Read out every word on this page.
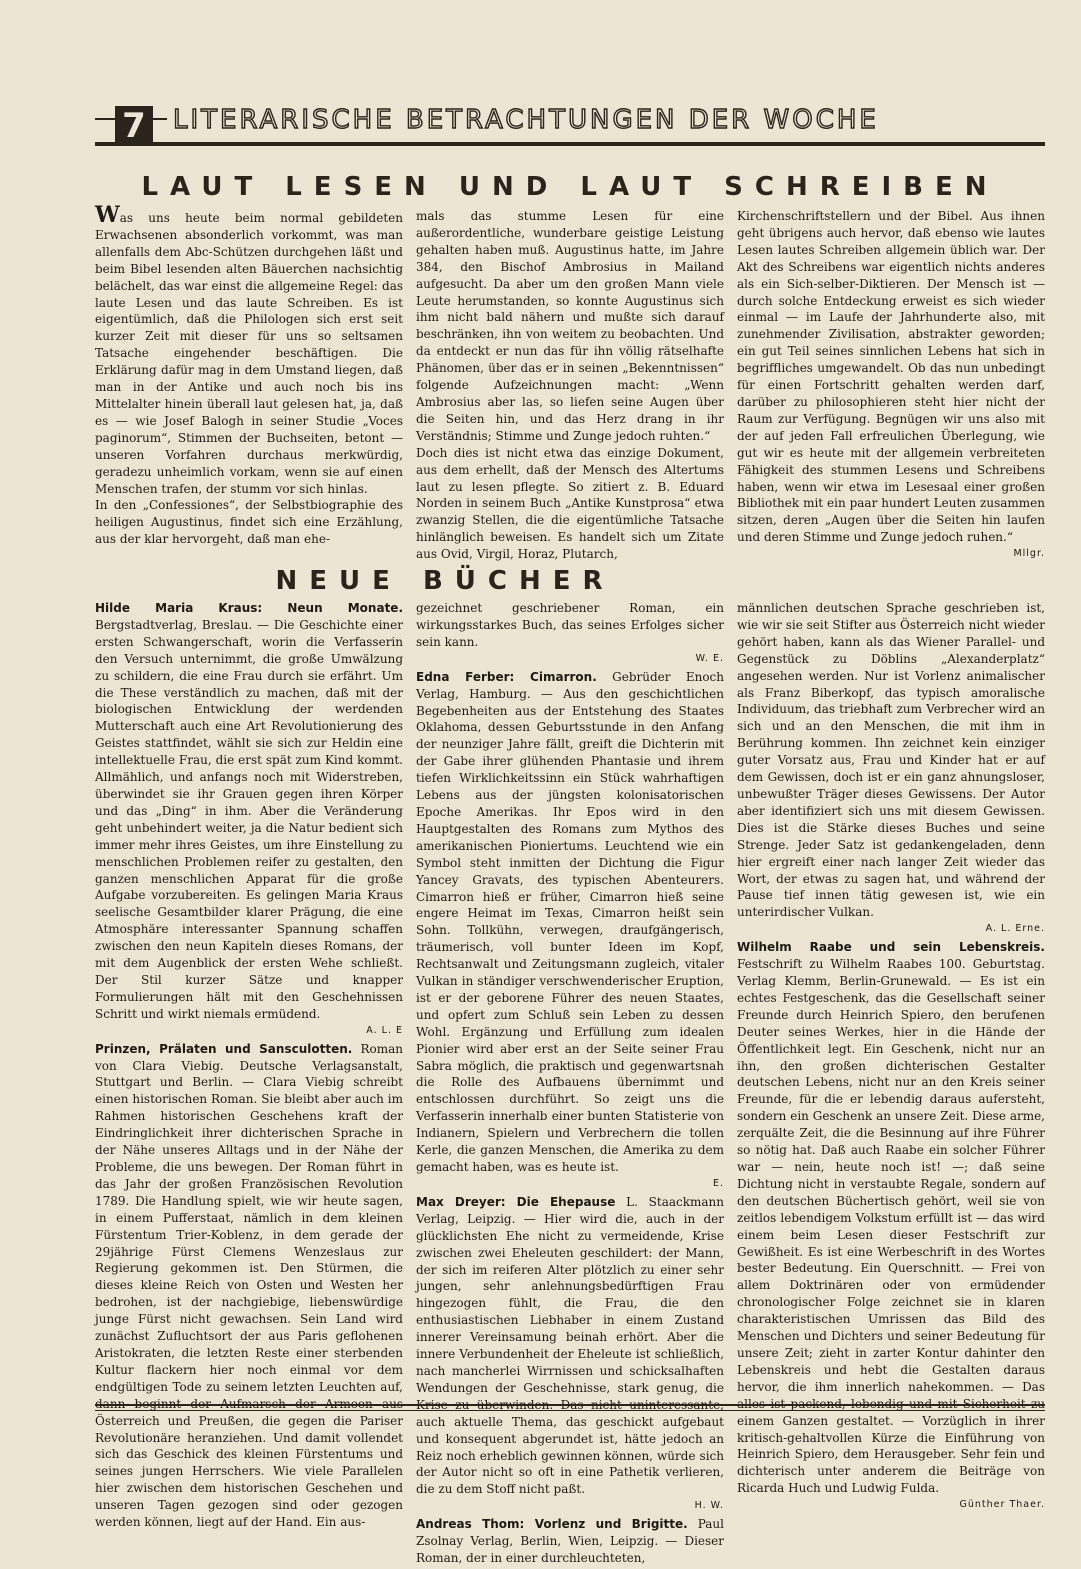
LITERARISCHE BETRACHTUNGEN DER WOCHE
7
LAUT LESEN UND LAUT SCHREIBEN

Was uns heute beim normal gebildeten Erwachsenen absonderlich vorkommt, was man allenfalls dem Abc-Schützen durchgehen läßt und beim Bibel lesenden alten Bäuerchen nachsichtig belächelt, das war einst die allgemeine Regel: das laute Lesen und das laute Schreiben. Es ist eigentümlich, daß die Philologen sich erst seit kurzer Zeit mit dieser für uns so seltsamen Tatsache eingehender beschäftigen. Die Erklärung dafür mag in dem Umstand liegen, daß man in der Antike und auch noch bis ins Mittelalter hinein überall laut gelesen hat, ja, daß es — wie Josef Balogh in seiner Studie „Voces paginorum“, Stimmen der Buchseiten, betont — unseren Vorfahren durchaus merkwürdig, geradezu unheimlich vorkam, wenn sie auf einen Menschen trafen, der stumm vor sich hinlas.

In den „Confessiones“, der Selbstbiographie des heiligen Augustinus, findet sich eine Erzählung, aus der klar hervorgeht, daß man ehe-

mals das stumme Lesen für eine außerordentliche, wunderbare geistige Leistung gehalten haben muß. Augustinus hatte, im Jahre 384, den Bischof Ambrosius in Mailand aufgesucht. Da aber um den großen Mann viele Leute herumstanden, so konnte Augustinus sich ihm nicht bald nähern und mußte sich darauf beschränken, ihn von weitem zu beobachten. Und da entdeckt er nun das für ihn völlig rätselhafte Phänomen, über das er in seinen „Bekenntnissen“ folgende Aufzeichnungen macht: „Wenn Ambrosius aber las, so liefen seine Augen über die Seiten hin, und das Herz drang in ihr Verständnis; Stimme und Zunge jedoch ruhten.“

Doch dies ist nicht etwa das einzige Dokument, aus dem erhellt, daß der Mensch des Altertums laut zu lesen pflegte. So zitiert z. B. Eduard Norden in seinem Buch „Antike Kunstprosa“ etwa zwanzig Stellen, die die eigentümliche Tatsache hinlänglich beweisen. Es handelt sich um Zitate aus Ovid, Virgil, Horaz, Plutarch,

Kirchenschriftstellern und der Bibel. Aus ihnen geht übrigens auch hervor, daß ebenso wie lautes Lesen lautes Schreiben allgemein üblich war. Der Akt des Schreibens war eigentlich nichts anderes als ein Sich-selber-Diktieren. Der Mensch ist — durch solche Entdeckung erweist es sich wieder einmal — im Laufe der Jahrhunderte also, mit zunehmender Zivilisation, abstrakter geworden; ein gut Teil seines sinnlichen Lebens hat sich in begriffliches umgewandelt. Ob das nun unbedingt für einen Fortschritt gehalten werden darf, darüber zu philosophieren steht hier nicht der Raum zur Verfügung. Begnügen wir uns also mit der auf jeden Fall erfreulichen Überlegung, wie gut wir es heute mit der allgemein verbreiteten Fähigkeit des stummen Lesens und Schreibens haben, wenn wir etwa im Lesesaal einer großen Bibliothek mit ein paar hundert Leuten zusammen sitzen, deren „Augen über die Seiten hin laufen und deren Stimme und Zunge jedoch ruhen.“

Mllgr.
NEUE BÜCHER
Hilde Maria Kraus: Neun Monate. Bergstadtverlag, Breslau. — Die Geschichte einer ersten Schwangerschaft, worin die Verfasserin den Versuch unternimmt, die große Umwälzung zu schildern, die eine Frau durch sie erfährt. Um die These verständlich zu machen, daß mit der biologischen Entwicklung der werdenden Mutterschaft auch eine Art Revolutionierung des Geistes stattfindet, wählt sie sich zur Heldin eine intellektuelle Frau, die erst spät zum Kind kommt. Allmählich, und anfangs noch mit Widerstreben, überwindet sie ihr Grauen gegen ihren Körper und das „Ding“ in ihm. Aber die Veränderung geht unbehindert weiter, ja die Natur bedient sich immer mehr ihres Geistes, um ihre Einstellung zu menschlichen Problemen reifer zu gestalten, den ganzen menschlichen Apparat für die große Aufgabe vorzubereiten. Es gelingen Maria Kraus seelische Gesamtbilder klarer Prägung, die eine Atmosphäre interessanter Spannung schaffen zwischen den neun Kapiteln dieses Romans, der mit dem Augenblick der ersten Wehe schließt. Der Stil kurzer Sätze und knapper Formulierungen hält mit den Geschehnissen Schritt und wirkt niemals ermüdend.
A. L. E
Prinzen, Prälaten und Sansculotten. Roman von Clara Viebig. Deutsche Verlagsanstalt, Stuttgart und Berlin. — Clara Viebig schreibt einen historischen Roman. Sie bleibt aber auch im Rahmen historischen Geschehens kraft der Eindringlichkeit ihrer dichterischen Sprache in der Nähe unseres Alltags und in der Nähe der Probleme, die uns bewegen. Der Roman führt in das Jahr der großen Französischen Revolution 1789. Die Handlung spielt, wie wir heute sagen, in einem Pufferstaat, nämlich in dem kleinen Fürstentum Trier-Koblenz, in dem gerade der 29jährige Fürst Clemens Wenzeslaus zur Regierung gekommen ist. Den Stürmen, die dieses kleine Reich von Osten und Westen her bedrohen, ist der nachgiebige, liebenswürdige junge Fürst nicht gewachsen. Sein Land wird zunächst Zufluchtsort der aus Paris geflohenen Aristokraten, die letzten Reste einer sterbenden Kultur flackern hier noch einmal vor dem endgültigen Tode zu seinem letzten Leuchten auf, Österreich und Preußen, die gegen die Pariser Revolutionäre heranziehen. Und damit vollendet sich das Geschick des kleinen Fürstentums und seines jungen Herrschers. Wie viele Parallelen hier zwischen dem historischen Geschehen und unseren Tagen gezogen sind oder gezogen werden können, liegt auf der Hand. Ein aus-
gezeichnet geschriebener Roman, ein wirkungsstarkes Buch, das seines Erfolges sicher sein kann.
W. E.
Edna Ferber: Cimarron. Gebrüder Enoch Verlag, Hamburg. — Aus den geschichtlichen Begebenheiten aus der Entstehung des Staates Oklahoma, dessen Geburtsstunde in den Anfang der neunziger Jahre fällt, greift die Dichterin mit der Gabe ihrer glühenden Phantasie und ihrem tiefen Wirklichkeitssinn ein Stück wahrhaftigen Lebens aus der jüngsten kolonisatorischen Epoche Amerikas. Ihr Epos wird in den Hauptgestalten des Romans zum Mythos des amerikanischen Pioniertums. Leuchtend wie ein Symbol steht inmitten der Dichtung die Figur Yancey Gravats, des typischen Abenteurers. Cimarron hieß er früher, Cimarron hieß seine engere Heimat im Texas, Cimarron heißt sein Sohn. Tollkühn, verwegen, draufgängerisch, träumerisch, voll bunter Ideen im Kopf, Rechtsanwalt und Zeitungsmann zugleich, vitaler Vulkan in ständiger verschwenderischer Eruption, ist er der geborene Führer des neuen Staates, und opfert zum Schluß sein Leben zu dessen Wohl. Ergänzung und Erfüllung zum idealen Pionier wird aber erst an der Seite seiner Frau Sabra möglich, die praktisch und gegenwartsnah die Rolle des Aufbauens übernimmt und entschlossen durchführt. So zeigt uns die Verfasserin innerhalb einer bunten Statisterie von Indianern, Spielern und Verbrechern die tollen Kerle, die ganzen Menschen, die Amerika zu dem gemacht haben, was es heute ist.
E.
Max Dreyer: Die Ehepause L. Staackmann Verlag, Leipzig. — Hier wird die, auch in der glücklichsten Ehe nicht zu vermeidende, Krise zwischen zwei Eheleuten geschildert: der Mann, der sich im reiferen Alter plötzlich zu einer sehr jungen, sehr anlehnungsbedürftigen Frau hingezogen fühlt, die Frau, die den enthusiastischen Liebhaber in einem Zustand innerer Vereinsamung beinah erhört. Aber die innere Verbundenheit der Eheleute ist schließlich, nach mancherlei Wirrnissen und schicksalhaften Wendungen der Geschehnisse, stark genug, die auch aktuelle Thema, das geschickt aufgebaut und konsequent abgerundet ist, hätte jedoch an Reiz noch erheblich gewinnen können, würde sich der Autor nicht so oft in eine Pathetik verlieren, die zu dem Stoff nicht paßt.
H. W.
Andreas Thom: Vorlenz und Brigitte. Paul Zsolnay Verlag, Berlin, Wien, Leipzig. — Dieser Roman, der in einer durchleuchteten,
männlichen deutschen Sprache geschrieben ist, wie wir sie seit Stifter aus Österreich nicht wieder gehört haben, kann als das Wiener Parallel- und Gegenstück zu Döblins „Alexanderplatz“ angesehen werden. Nur ist Vorlenz animalischer als Franz Biberkopf, das typisch amoralische Individuum, das triebhaft zum Verbrecher wird an sich und an den Menschen, die mit ihm in Berührung kommen. Ihn zeichnet kein einziger guter Vorsatz aus, Frau und Kinder hat er auf dem Gewissen, doch ist er ein ganz ahnungsloser, unbewußter Träger dieses Gewissens. Der Autor aber identifiziert sich uns mit diesem Gewissen. Dies ist die Stärke dieses Buches und seine Strenge. Jeder Satz ist gedankengeladen, denn hier ergreift einer nach langer Zeit wieder das Wort, der etwas zu sagen hat, und während der Pause tief innen tätig gewesen ist, wie ein unterirdischer Vulkan.
A. L. Erne.
Wilhelm Raabe und sein Lebenskreis. Festschrift zu Wilhelm Raabes 100. Geburtstag. Verlag Klemm, Berlin-Grunewald. — Es ist ein echtes Festgeschenk, das die Gesellschaft seiner Freunde durch Heinrich Spiero, den berufenen Deuter seines Werkes, hier in die Hände der Öffentlichkeit legt. Ein Geschenk, nicht nur an ihn, den großen dichterischen Gestalter deutschen Lebens, nicht nur an den Kreis seiner Freunde, für die er lebendig daraus aufersteht, sondern ein Geschenk an unsere Zeit. Diese arme, zerquälte Zeit, die die Besinnung auf ihre Führer so nötig hat. Daß auch Raabe ein solcher Führer war — nein, heute noch ist! —; daß seine Dichtung nicht in verstaubte Regale, sondern auf den deutschen Büchertisch gehört, weil sie von zeitlos lebendigem Volkstum erfüllt ist — das wird einem beim Lesen dieser Festschrift zur Gewißheit. Es ist eine Werbeschrift in des Wortes bester Bedeutung. Ein Querschnitt. — Frei von allem Doktrinären oder von ermüdender chronologischer Folge zeichnet sie in klaren charakteristischen Umrissen das Bild des Menschen und Dichters und seiner Bedeutung für unsere Zeit; zieht in zarter Kontur dahinter den Lebenskreis und hebt die Gestalten daraus hervor, die ihm innerlich nahekommen. — Das einem Ganzen gestaltet. — Vorzüglich in ihrer kritisch-gehaltvollen Kürze die Einführung von Heinrich Spiero, dem Herausgeber. Sehr fein und dichterisch unter anderem die Beiträge von Ricarda Huch und Ludwig Fulda.
Günther Thaer.
